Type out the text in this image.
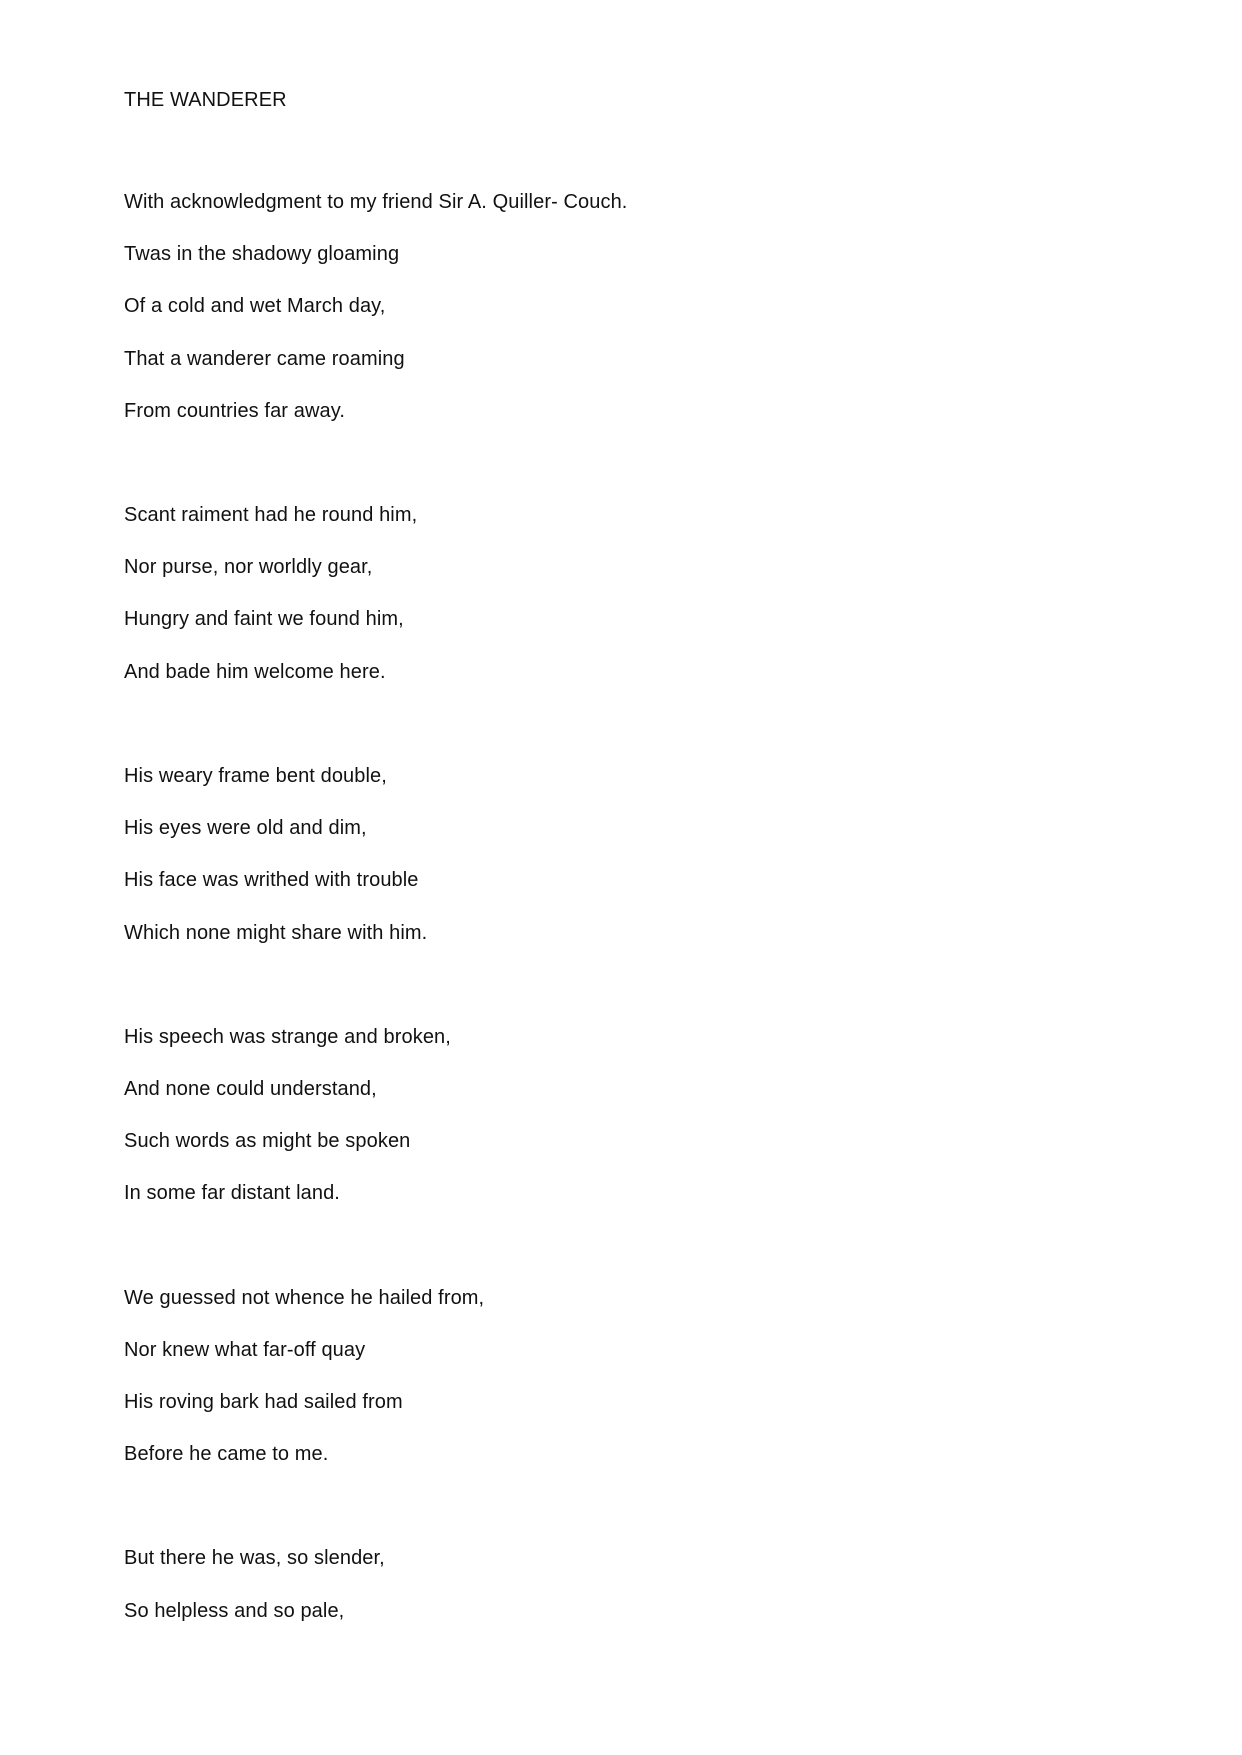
THE WANDERER
With acknowledgment to my friend Sir A. Quiller- Couch.
Twas in the shadowy gloaming
Of a cold and wet March day,
That a wanderer came roaming
From countries far away.
Scant raiment had he round him,
Nor purse, nor worldly gear,
Hungry and faint we found him,
And bade him welcome here.
His weary frame bent double,
His eyes were old and dim,
His face was writhed with trouble
Which none might share with him.
His speech was strange and broken,
And none could understand,
Such words as might be spoken
In some far distant land.
We guessed not whence he hailed from,
Nor knew what far-off quay
His roving bark had sailed from
Before he came to me.
But there he was, so slender,
So helpless and so pale,
